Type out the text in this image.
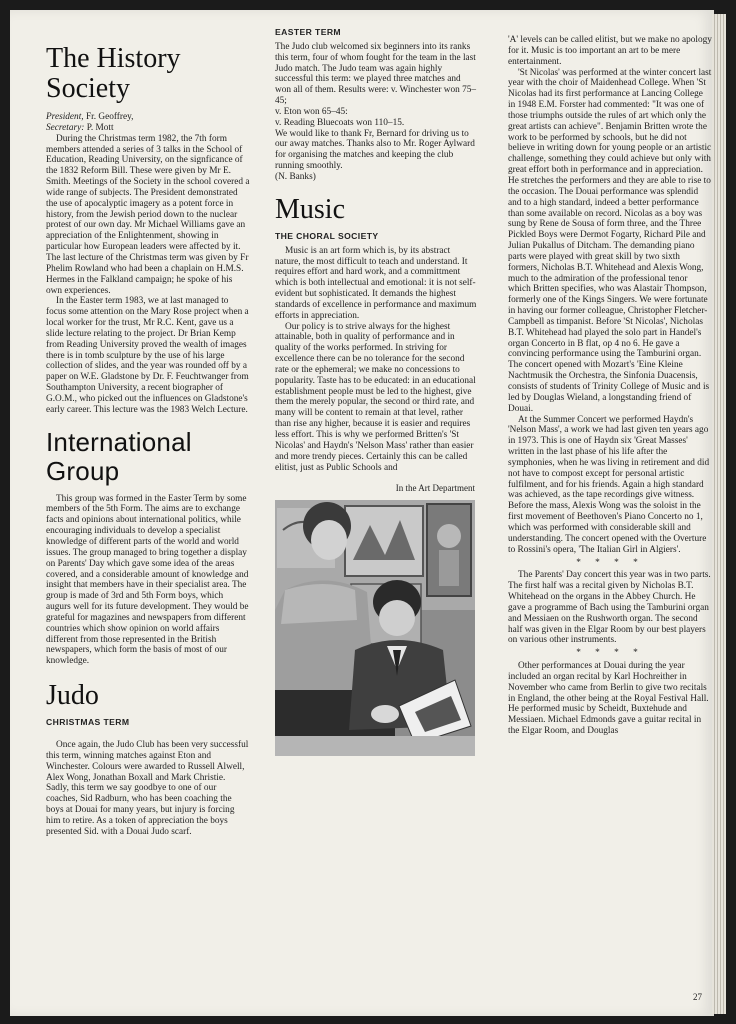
The History
Society

President, Fr. Geoffrey,

Secretary: P. Mott

During the Christmas term 1982, the 7th form members attended a series of 3 talks in the School of Education, Reading University, on the signficance of the 1832 Reform Bill. These were given by Mr E. Smith. Meetings of the Society in the school covered a wide range of subjects. The President demonstrated the use of apocalyptic imagery as a potent force in history, from the Jewish period down to the nuclear protest of our own day. Mr Michael Williams gave an appreciation of the Enlightenment, showing in particular how European leaders were affected by it. The last lecture of the Christmas term was given by Fr Phelim Rowland who had been a chaplain on H.M.S. Hermes in the Falkland campaign; he spoke of his own experiences.

In the Easter term 1983, we at last managed to focus some attention on the Mary Rose project when a local worker for the trust, Mr R.C. Kent, gave us a slide lecture relating to the project. Dr Brian Kemp from Reading University proved the wealth of images there is in tomb sculpture by the use of his large collection of slides, and the year was rounded off by a paper on W.E. Gladstone by Dr. F. Feuchtwanger from Southampton University, a recent biographer of G.O.M., who picked out the influences on Gladstone's early career. This lecture was the 1983 Welch Lecture.

International
Group

This group was formed in the Easter Term by some members of the 5th Form. The aims are to exchange facts and opinions about international politics, while encouraging individuals to develop a specialist knowledge of different parts of the world and world issues. The group managed to bring together a display on Parents' Day which gave some idea of the areas covered, and a considerable amount of knowledge and insight that members have in their specialist area. The group is made of 3rd and 5th Form boys, which augurs well for its future development. They would be grateful for magazines and newspapers from different countries which show opinion on world affairs different from those represented in the British newspapers, which form the basis of most of our knowledge.

Judo
CHRISTMAS TERM

Once again, the Judo Club has been very successful this term, winning matches against Eton and Winchester. Colours were awarded to Russell Alwell, Alex Wong, Jonathan Boxall and Mark Christie. Sadly, this term we say goodbye to one of our coaches, Sid Radburn, who has been coaching the boys at Douai for many years, but injury is forcing him to retire. As a token of appreciation the boys presented Sid. with a Douai Judo scarf.

EASTER TERM

The Judo club welcomed six beginners into its ranks this term, four of whom fought for the team in the last Judo match. The Judo team was again highly successful this term: we played three matches and won all of them. Results were: v. Winchester won 75–45;

v. Eton won 65–45:

v. Reading Bluecoats won 110–15.

We would like to thank Fr, Bernard for driving us to our away matches. Thanks also to Mr. Roger Aylward for organising the matches and keeping the club running smoothly.

(N. Banks)

Music
THE CHORAL SOCIETY

Music is an art form which is, by its abstract nature, the most difficult to teach and understand. It requires effort and hard work, and a committment which is both intellectual and emotional: it is not self-evident but sophisticated. It demands the highest standards of excellence in performance and maximum efforts in appreciation.

Our policy is to strive always for the highest attainable, both in quality of performance and in quality of the works performed. In striving for excellence there can be no tolerance for the second rate or the ephemeral; we make no concessions to popularity. Taste has to be educated: in an educational establishment people must be led to the highest, give them the merely popular, the second or third rate, and many will be content to remain at that level, rather than rise any higher, because it is easier and requires less effort. This is why we performed Britten's 'St Nicolas' and Haydn's 'Nelson Mass' rather than easier and more trendy pieces. Certainly this can be called elitist, just as Public Schools and

In the Art Department

'A' levels can be called elitist, but we make no apology for it. Music is too important an art to be mere entertainment.

'St Nicolas' was performed at the winter concert last year with the choir of Maidenhead College. When 'St Nicolas had its first performance at Lancing College in 1948 E.M. Forster had commented: "It was one of those triumphs outside the rules of art which only the great artists can achieve". Benjamin Britten wrote the work to be performed by schools, but he did not believe in writing down for young people or an artistic challenge, something they could achieve but only with great effort both in performance and in appreciation. He stretches the performers and they are able to rise to the occasion. The Douai performance was splendid and to a high standard, indeed a better performance than some available on record. Nicolas as a boy was sung by Rene de Sousa of form three, and the Three Pickled Boys were Dermot Fogarty, Richard Pile and Julian Pukallus of Ditcham. The demanding piano parts were played with great skill by two sixth formers, Nicholas B.T. Whitehead and Alexis Wong, much to the admiration of the professional tenor which Britten specifies, who was Alastair Thompson, formerly one of the Kings Singers. We were fortunate in having our former colleague, Christopher Fletcher-Campbell as timpanist. Before 'St Nicolas', Nicholas B.T. Whitehead had played the solo part in Handel's organ Concerto in B flat, op 4 no 6. He gave a convincing performance using the Tamburini organ. The concert opened with Mozart's 'Eine Kleine Nachtmusik the Orchestra, the Sinfonia Duacensis, consists of students of Trinity College of Music and is led by Douglas Wieland, a longstanding friend of Douai.

At the Summer Concert we performed Haydn's 'Nelson Mass', a work we had last given ten years ago in 1973. This is one of Haydn six 'Great Masses' written in the last phase of his life after the symphonies, when he was living in retirement and did not have to compost except for personal artistic fulfilment, and for his friends. Again a high standard was achieved, as the tape recordings give witness. Before the mass, Alexis Wong was the soloist in the first movement of Beethoven's Piano Concerto no 1, which was performed with considerable skill and understanding. The concert opened with the Overture to Rossini's opera, 'The Italian Girl in Algiers'.

* * * *

The Parents' Day concert this year was in two parts. The first half was a recital given by Nicholas B.T. Whitehead on the organs in the Abbey Church. He gave a programme of Bach using the Tamburini organ and Messiaen on the Rushworth organ. The second half was given in the Elgar Room by our best players on various other instruments.

* * * *

Other performances at Douai during the year included an organ recital by Karl Hochreither in November who came from Berlin to give two recitals in England, the other being at the Royal Festival Hall. He performed music by Scheidt, Buxtehude and Messiaen. Michael Edmonds gave a guitar recital in the Elgar Room, and Douglas

27
